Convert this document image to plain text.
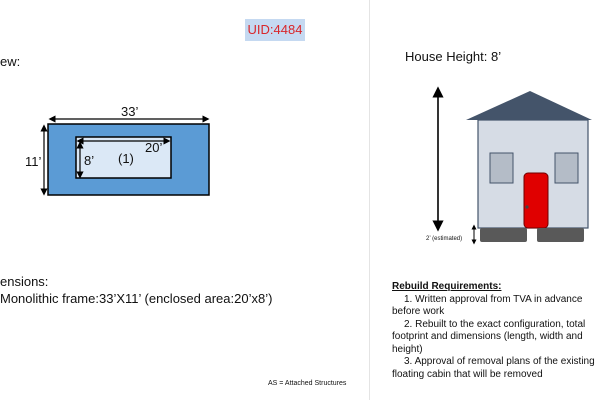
UID:4484
ew:
ensions:
Monolithic frame:33’X11’ (enclosed area:20’x8’)
33’
11’
20’
8’ (1)
House Height: 8’
2’ (estimated)
Rebuild Requirements:
1. Written approval from TVA in advance before work
2. Rebuilt to the exact configuration, total footprint and dimensions (length, width and height)
3. Approval of removal plans of the existing floating cabin that will be removed
AS = Attached Structures
